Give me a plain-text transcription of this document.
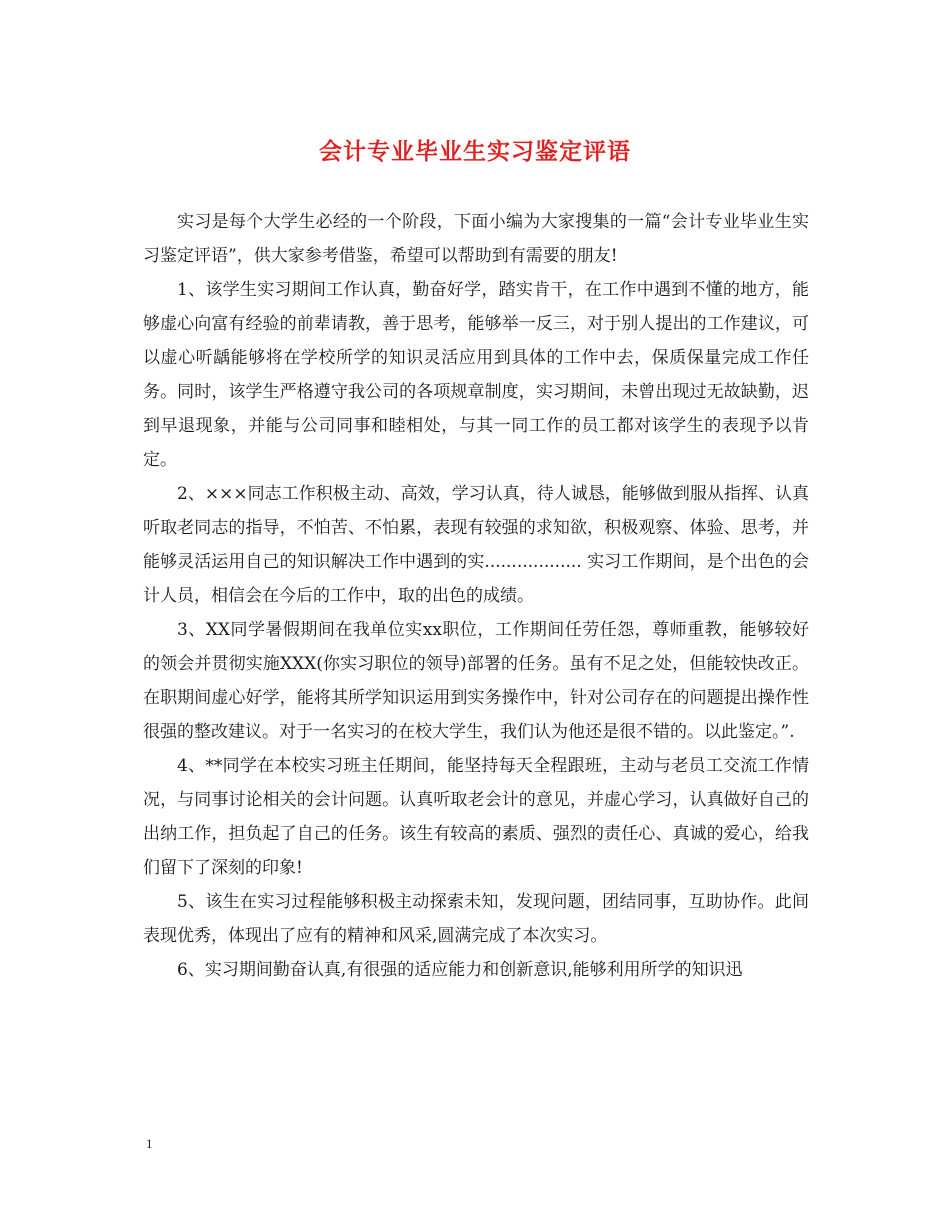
会计专业毕业生实习鉴定评语

实习是每个大学生必经的一个阶段，下面小编为大家搜集的一篇“会计专业毕业生实习鉴定评语”，供大家参考借鉴，希望可以帮助到有需要的朋友!

1、该学生实习期间工作认真，勤奋好学，踏实肯干，在工作中遇到不懂的地方，能够虚心向富有经验的前辈请教，善于思考，能够举一反三，对于别人提出的工作建议，可以虚心听龋能够将在学校所学的知识灵活应用到具体的工作中去，保质保量完成工作任务。同时，该学生严格遵守我公司的各项规章制度，实习期间，未曾出现过无故缺勤，迟到早退现象，并能与公司同事和睦相处，与其一同工作的员工都对该学生的表现予以肯定。

2、×××同志工作积极主动、高效，学习认真，待人诚恳，能够做到服从指挥、认真听取老同志的指导，不怕苦、不怕累，表现有较强的求知欲，积极观察、体验、思考，并能够灵活运用自己的知识解决工作中遇到的实.................. 实习工作期间，是个出色的会计人员，相信会在今后的工作中，取的出色的成绩。

3、XX同学暑假期间在我单位实xx职位，工作期间任劳任怨，尊师重教，能够较好的领会并贯彻实施XXX(你实习职位的领导)部署的任务。虽有不足之处，但能较快改正。在职期间虚心好学，能将其所学知识运用到实务操作中，针对公司存在的问题提出操作性很强的整改建议。对于一名实习的在校大学生，我们认为他还是很不错的。以此鉴定。”.

4、**同学在本校实习班主任期间，能坚持每天全程跟班，主动与老员工交流工作情况，与同事讨论相关的会计问题。认真听取老会计的意见，并虚心学习，认真做好自己的出纳工作，担负起了自己的任务。该生有较高的素质、强烈的责任心、真诚的爱心，给我们留下了深刻的印象!

5、该生在实习过程能够积极主动探索未知，发现问题，团结同事，互助协作。此间表现优秀，体现出了应有的精神和风采,圆满完成了本次实习。

6、实习期间勤奋认真,有很强的适应能力和创新意识,能够利用所学的知识迅

1
